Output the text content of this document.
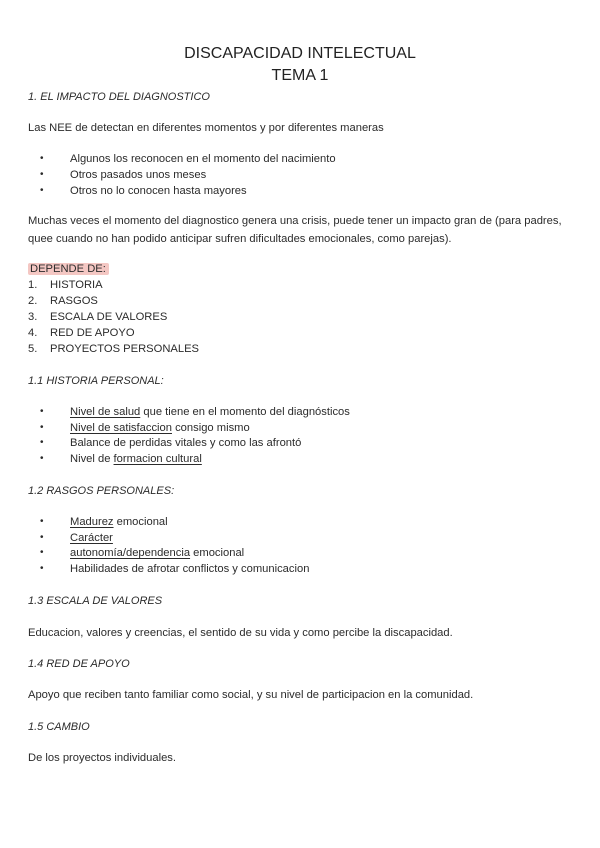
DISCAPACIDAD INTELECTUAL
TEMA 1
1. EL IMPACTO DEL DIAGNOSTICO
Las NEE de detectan en diferentes momentos y por diferentes maneras
• Algunos los reconocen en el momento del nacimiento
• Otros pasados unos meses
• Otros no lo conocen hasta mayores
Muchas veces el momento del diagnostico genera una crisis, puede tener un impacto gran de (para padres, quee cuando no han podido anticipar sufren dificultades emocionales, como parejas).
DEPENDE DE:
1. HISTORIA
2. RASGOS
3. ESCALA DE VALORES
4. RED DE APOYO
5. PROYECTOS PERSONALES
1.1 HISTORIA PERSONAL:
• Nivel de salud que tiene en el momento del diagnósticos
• Nivel de satisfaccion consigo mismo
• Balance de perdidas vitales y como las afrontó
• Nivel de formacion cultural
1.2 RASGOS PERSONALES:
• Madurez emocional
• Carácter
• autonomía/dependencia emocional
• Habilidades de afrotar conflictos y comunicacion
1.3 ESCALA DE VALORES
Educacion, valores y creencias, el sentido de su vida y como percibe la discapacidad.
1.4 RED DE APOYO
Apoyo que reciben tanto familiar como social, y su nivel de participacion en la comunidad.
1.5 CAMBIO
De los proyectos individuales.
